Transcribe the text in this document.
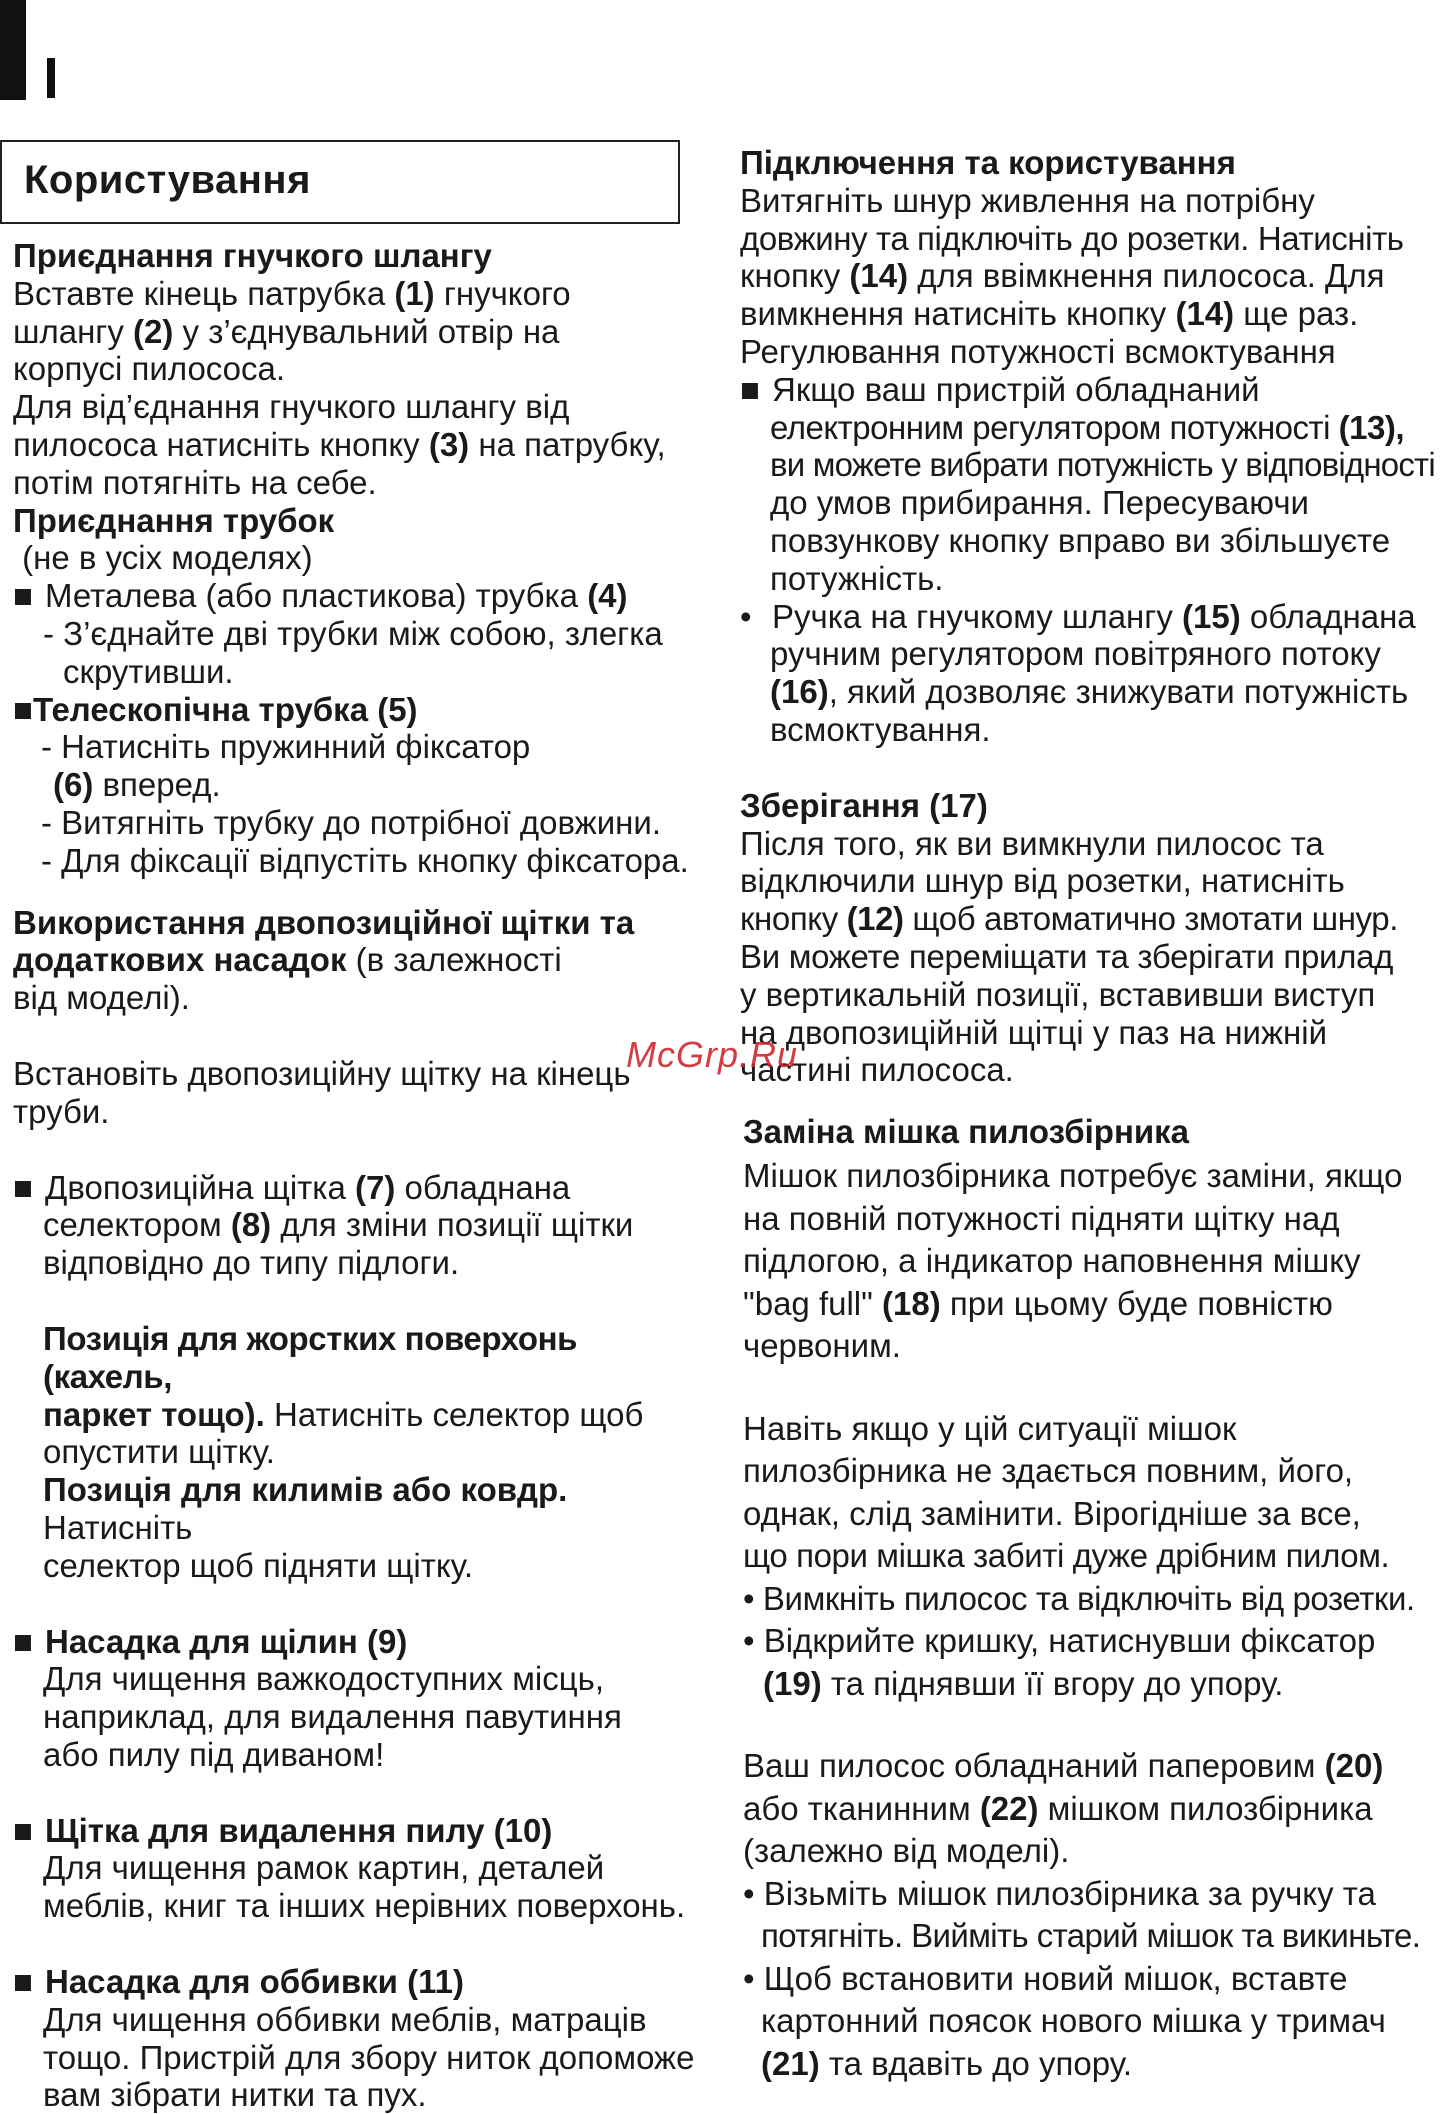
Користування

Приєднання гнучкого шлангу

Вставте кінець патрубка (1) гнучкого

шлангу (2) у з’єднувальний отвір на

корпусі пилососа.

Для від’єднання гнучкого шлангу від

пилососа натисніть кнопку (3) на патрубку,

потім потягніть на себе.

Приєднання трубок

(не в усіх моделях)

■ Металева (або пластикова) трубка (4)

- З’єднайте дві трубки між собою, злегка

скрутивши.

■Телескопічна трубка (5)

- Натисніть пружинний фіксатор

(6) вперед.

- Витягніть трубку до потрібної довжини.

- Для фіксації відпустіть кнопку фіксатора.

Використання двопозиційної щітки та

додаткових насадок (в залежності

від моделі).

Встановіть двопозиційну щітку на кінець

труби.

■ Двопозиційна щітка (7) обладнана

селектором (8) для зміни позиції щітки

відповідно до типу підлоги.

Позиція для жорстких поверхонь (кахель,

паркет тощо). Натисніть селектор щоб

опустити щітку.

Позиція для килимів або ковдр. Натисніть

селектор щоб підняти щітку.

■ Насадка для щілин (9)

Для чищення важкодоступних місць,

наприклад, для видалення павутиння

або пилу під диваном!

■ Щітка для видалення пилу (10)

Для чищення рамок картин, деталей

меблів, книг та інших нерівних поверхонь.

■ Насадка для оббивки (11)

Для чищення оббивки меблів, матраців

тощо. Пристрій для збору ниток допоможе

вам зібрати нитки та пух.

Підключення та користування

Витягніть шнур живлення на потрібну

довжину та підключіть до розетки. Натисніть

кнопку (14) для ввімкнення пилососа. Для

вимкнення натисніть кнопку (14) ще раз.

Регулювання потужності всмоктування

■ Якщо ваш пристрій обладнаний

електронним регулятором потужності (13),

ви можете вибрати потужність у відповідності

до умов прибирання. Пересуваючи

повзункову кнопку вправо ви збільшуєте

потужність.

• Ручка на гнучкому шлангу (15) обладнана

ручним регулятором повітряного потоку

(16), який дозволяє знижувати потужність

всмоктування.

Зберігання (17)

Після того, як ви вимкнули пилосос та

відключили шнур від розетки, натисніть

кнопку (12) щоб автоматично змотати шнур.

Ви можете переміщати та зберігати прилад

у вертикальній позиції, вставивши виступ

на двопозиційній щітці у паз на нижній

частині пилососа.

Заміна мішка пилозбірника

Мішок пилозбірника потребує заміни, якщо

на повній потужності підняти щітку над

підлогою, а індикатор наповнення мішку

"bag full" (18) при цьому буде повністю

червоним.

Навіть якщо у цій ситуації мішок

пилозбірника не здається повним, його,

однак, слід замінити. Вірогідніше за все,

що пори мішка забиті дуже дрібним пилом.

• Вимкніть пилосос та відключіть від розетки.

• Відкрийте кришку, натиснувши фіксатор

(19) та піднявши її вгору до упору.

Ваш пилосос обладнаний паперовим (20)

або тканинним (22) мішком пилозбірника

(залежно від моделі).

• Візьміть мішок пилозбірника за ручку та

потягніть. Вийміть старий мішок та викиньте.

• Щоб встановити новий мішок, вставте

картонний поясок нового мішка у тримач

(21) та вдавіть до упору.

McGrp.Ru
